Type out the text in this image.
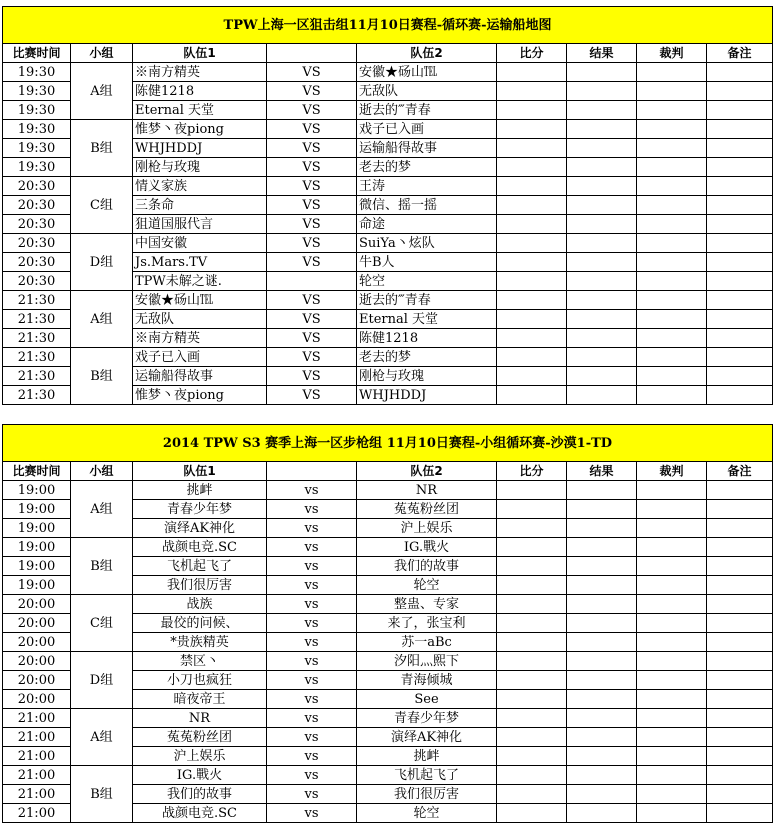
TPW上海一区狙击组11月10日赛程-循环赛-运输船地图								
比赛时间	小组	队伍1		队伍2	比分	结果	裁判	备注
19:30	A组	※南方精英	VS	安徽★砀山℡				
19:30		陈健1218	VS	无敌队				
19:30		Eternal 天堂	VS	逝去的‴青春				
19:30	B组	惟梦丶夜piong	VS	戏子已入画				
19:30		WHJHDDJ	VS	运输船得故事				
19:30		刚枪与玫瑰	VS	老去的梦				
20:30	C组	情义家族	VS	王涛				
20:30		三条命	VS	微信、摇一摇				
20:30		狙道国服代言	VS	命途				
20:30	D组	中国安徽	VS	SuiYa丶炫队				
20:30		Js.Mars.TV	VS	牛B人				
20:30		TPW未解之谜.		轮空				
21:30	A组	安徽★砀山℡	VS	逝去的‴青春				
21:30		无敌队	VS	Eternal 天堂				
21:30		※南方精英	VS	陈健1218				
21:30	B组	戏子已入画	VS	老去的梦				
21:30		运输船得故事	VS	刚枪与玫瑰				
21:30		惟梦丶夜piong	VS	WHJHDDJ				
2014 TPW S3 赛季上海一区步枪组 11月10日赛程-小组循环赛-沙漠1-TD								
比赛时间	小组	队伍1		队伍2	比分	结果	裁判	备注
19:00	A组	挑衅	vs	NR				
19:00		青春少年梦	vs	菟菟粉丝团				
19:00		演绎AK神化	vs	沪上娱乐				
19:00	B组	战颜电竞.SC	vs	IG.戰火				
19:00		飞机起飞了	vs	我们的故事				
19:00		我们很厉害	vs	轮空				
20:00	C组	战族	vs	整蛊、专家				
20:00		最佼的问候、	vs	来了，张宝利				
20:00		*贵族精英	vs	苏一aBc				
20:00	D组	禁区丶	vs	汐阳灬熙下				
20:00		小刀也疯狂	vs	青海倾城				
20:00		暗夜帝王	vs	See				
21:00	A组	NR	vs	青春少年梦				
21:00		菟菟粉丝团	vs	演绎AK神化				
21:00		沪上娱乐	vs	挑衅				
21:00	B组	IG.戰火	vs	飞机起飞了				
21:00		我们的故事	vs	我们很厉害				
21:00		战颜电竞.SC	vs	轮空				
